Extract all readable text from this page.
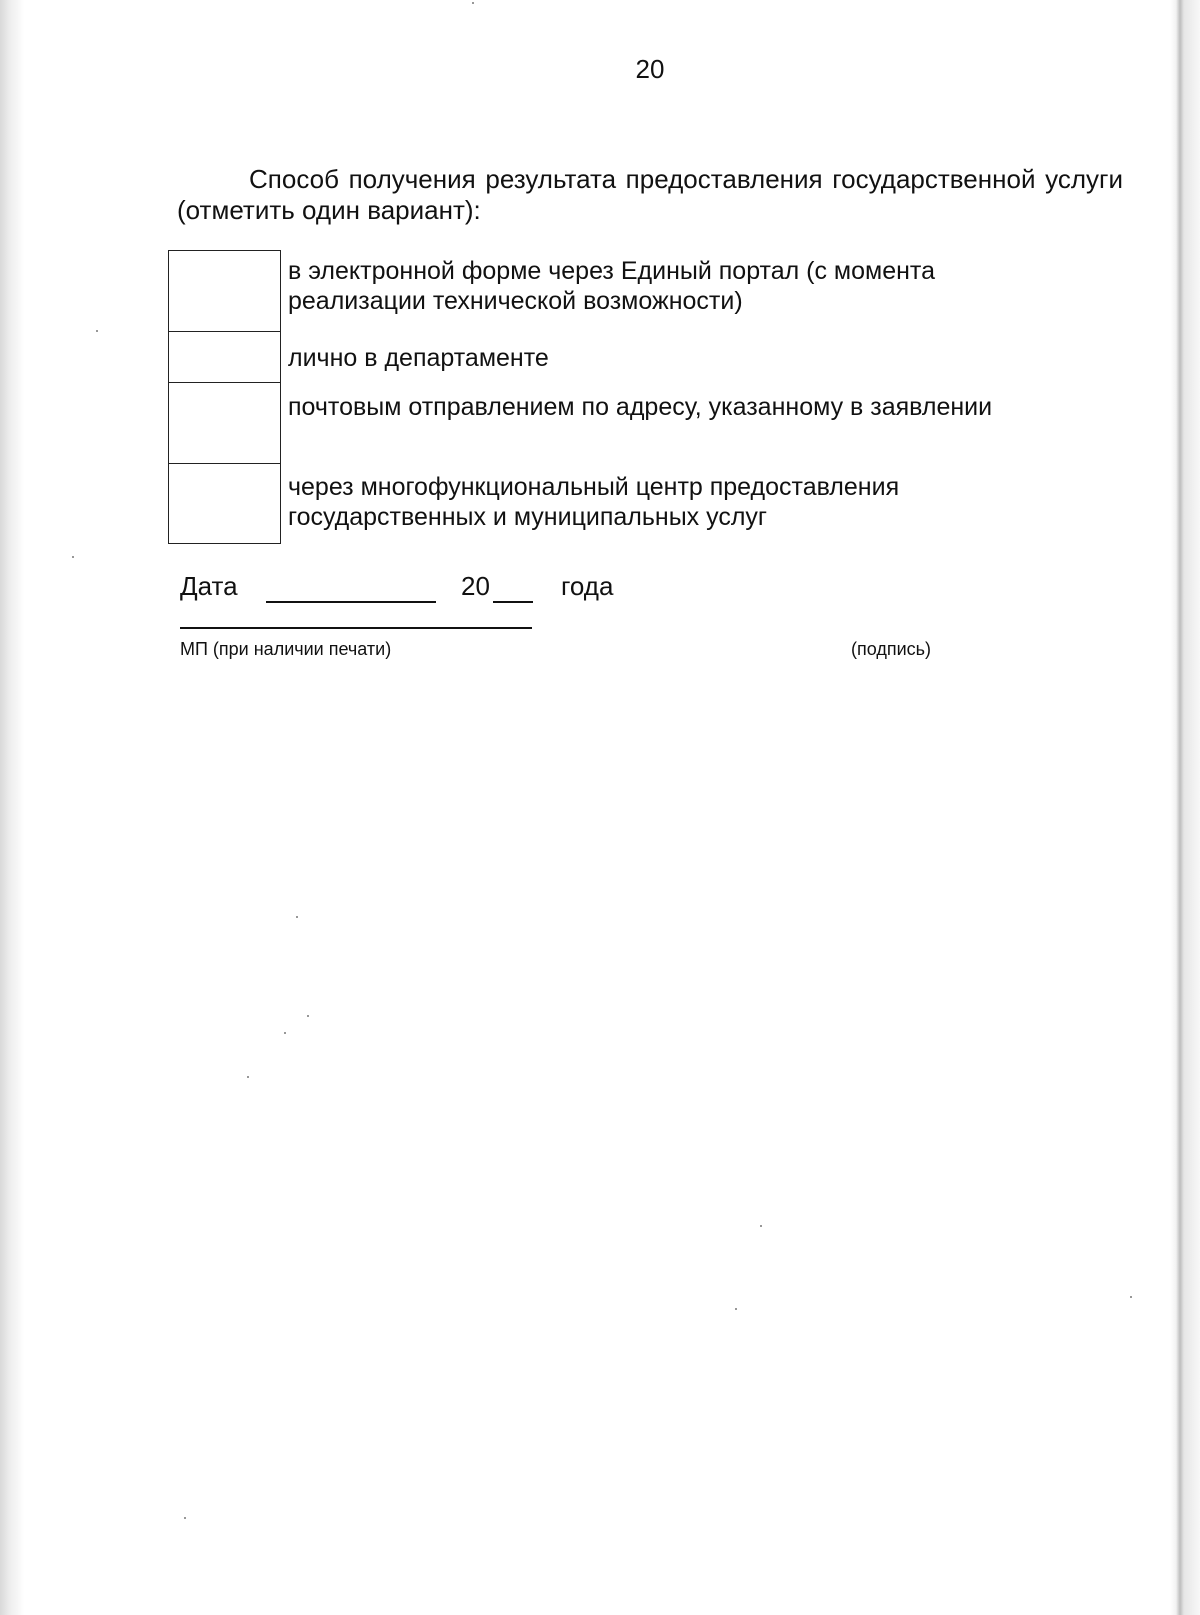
20
Способ получения результата предоставления государственной услуги (отметить один вариант):
в электронной форме через Единый портал (с момента реализации технической возможности)
лично в департаменте
почтовым отправлением по адресу, указанному в заявлении
через многофункциональный центр предоставления государственных и муниципальных услуг

Дата

	20

	года

МП (при наличии печати)	(подпись)
